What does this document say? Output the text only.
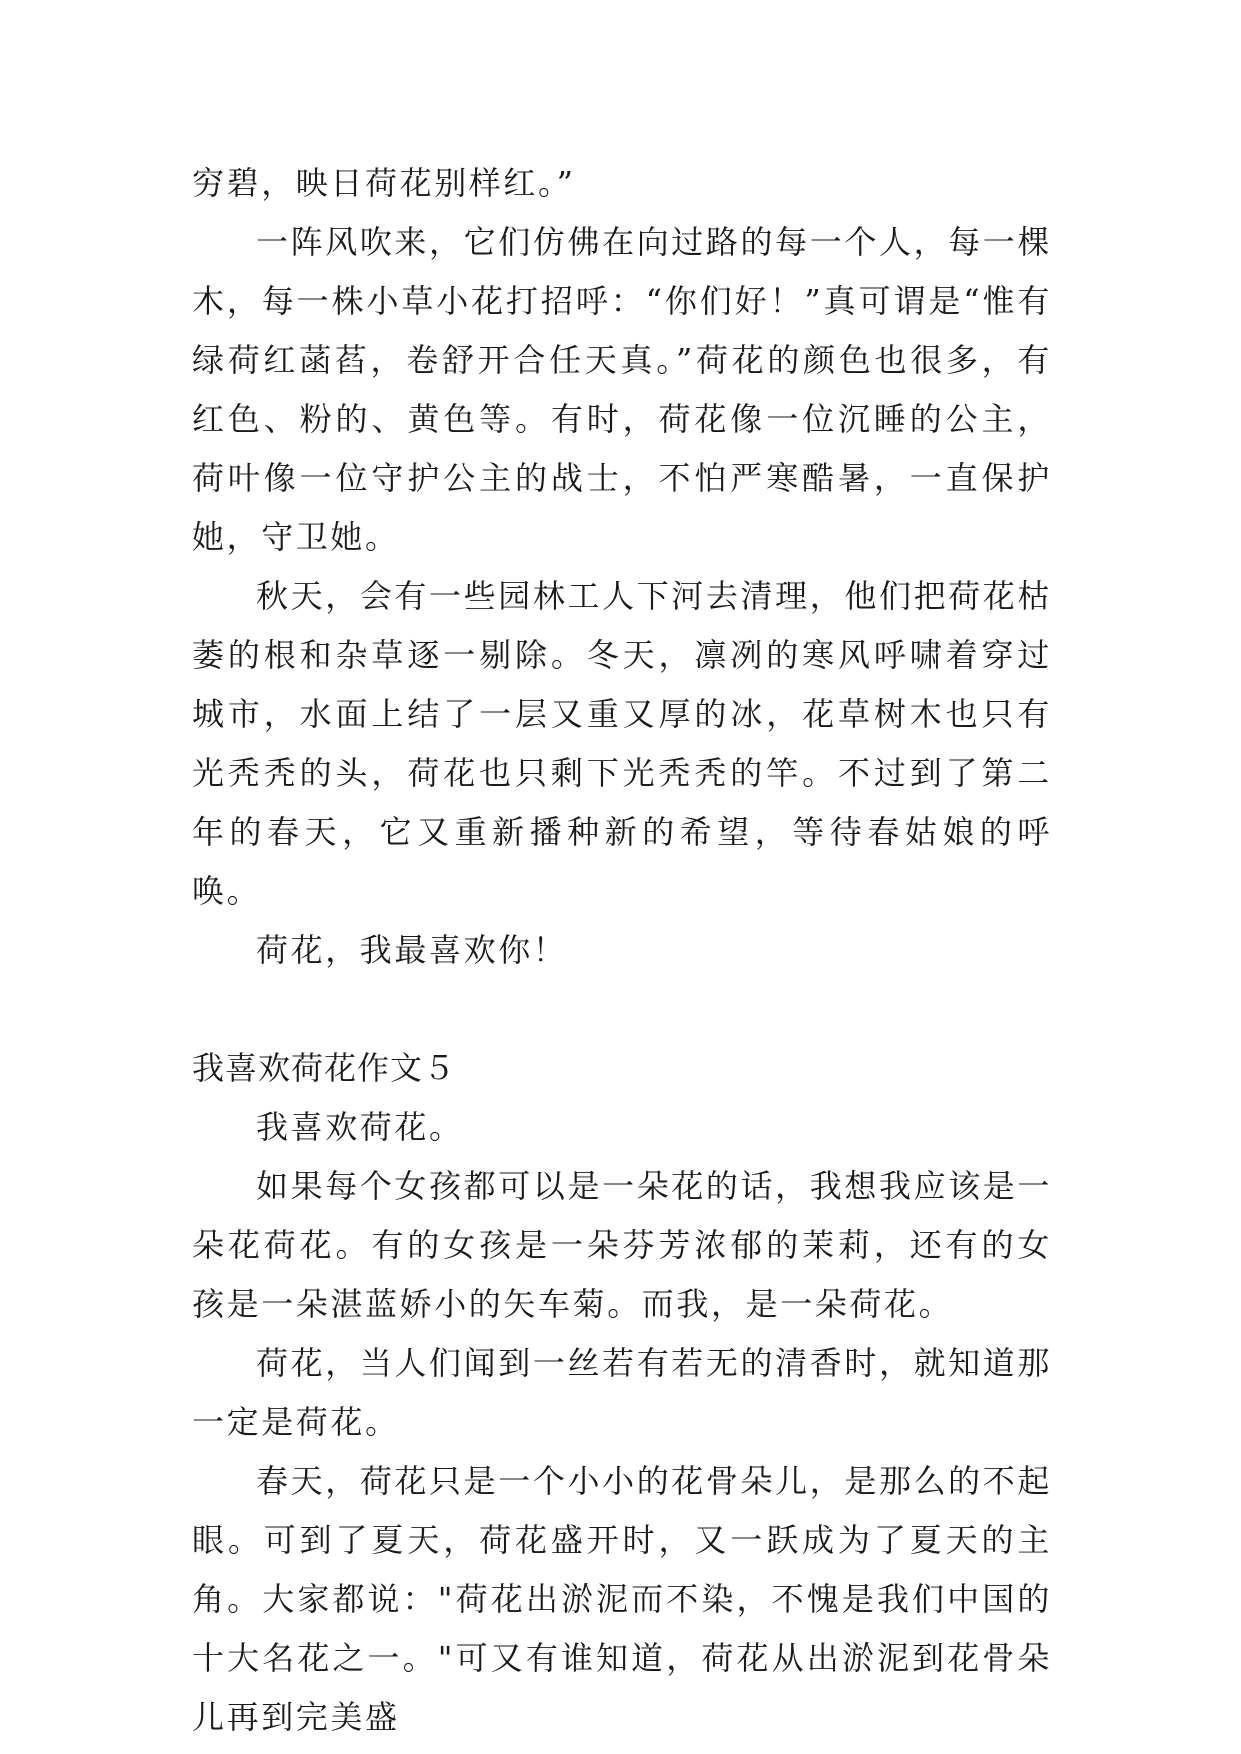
穷碧，映日荷花别样红。”

一阵风吹来，它们仿佛在向过路的每一个人，每一棵木，每一株小草小花打招呼：“你们好！”真可谓是“惟有绿荷红菡萏，卷舒开合任天真。”荷花的颜色也很多，有红色、粉的、黄色等。有时，荷花像一位沉睡的公主，荷叶像一位守护公主的战士，不怕严寒酷暑，一直保护她，守卫她。

秋天，会有一些园林工人下河去清理，他们把荷花枯萎的根和杂草逐一剔除。冬天，凛冽的寒风呼啸着穿过城市，水面上结了一层又重又厚的冰，花草树木也只有光秃秃的头，荷花也只剩下光秃秃的竿。不过到了第二年的春天，它又重新播种新的希望，等待春姑娘的呼唤。

荷花，我最喜欢你！

我喜欢荷花作文５

我喜欢荷花。

如果每个女孩都可以是一朵花的话，我想我应该是一朵花荷花。有的女孩是一朵芬芳浓郁的茉莉，还有的女孩是一朵湛蓝娇小的矢车菊。而我，是一朵荷花。

荷花，当人们闻到一丝若有若无的清香时，就知道那一定是荷花。

春天，荷花只是一个小小的花骨朵儿，是那么的不起眼。可到了夏天，荷花盛开时，又一跃成为了夏天的主角。大家都说："荷花出淤泥而不染，不愧是我们中国的十大名花之一。"可又有谁知道，荷花从出淤泥到花骨朵儿再到完美盛
